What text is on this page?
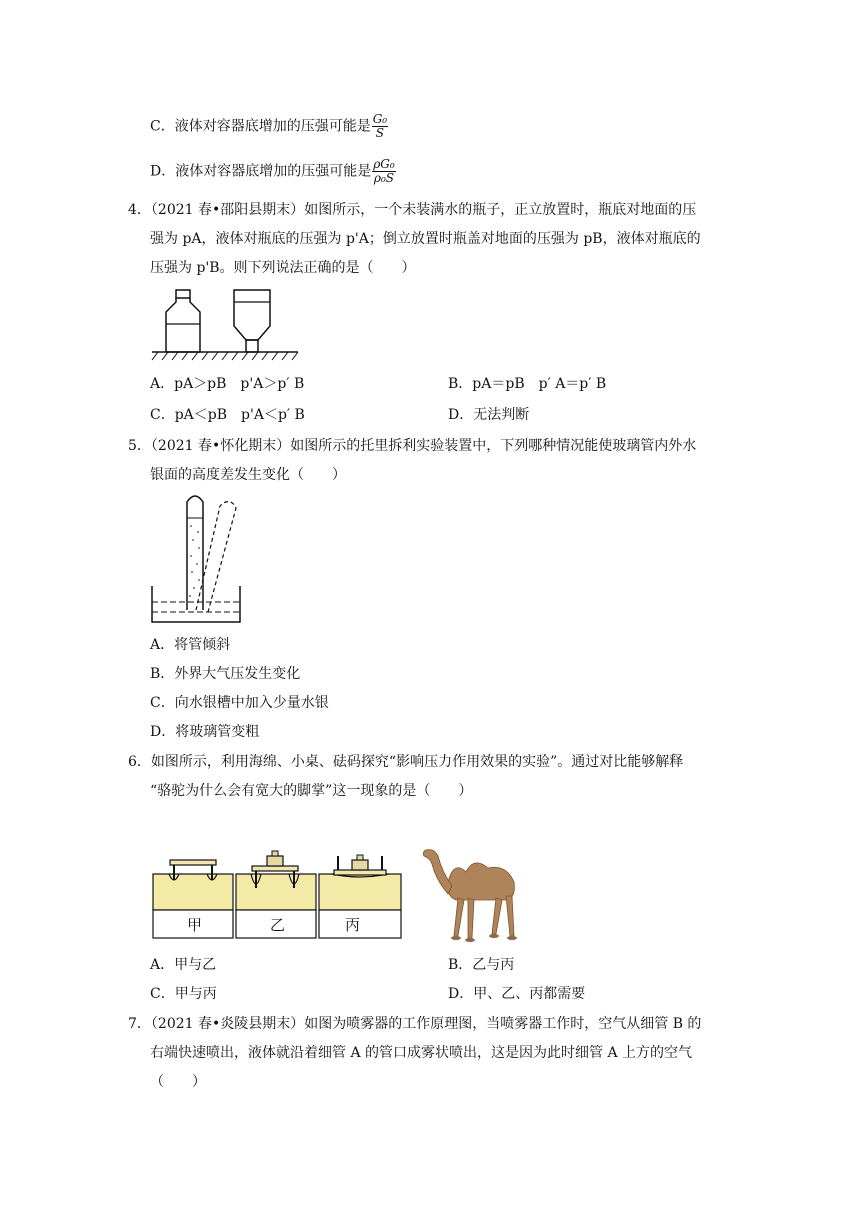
C．液体对容器底增加的压强可能是 $\frac{\text{G₀}}{S}$
D．液体对容器底增加的压强可能是 $\frac{\text{ρG₀}}{\text{ρ₀S}}$
4．（2021 春•邵阳县期末）如图所示，一个未装满水的瓶子，正立放置时，瓶底对地面的压
强为 pA，液体对瓶底的压强为 p'A；倒立放置时瓶盖对地面的压强为 pB，液体对瓶底的
压强为 p'B。则下列说法正确的是（　　）
A．pA＞pB　p'A＞p′ B	B．pA＝pB　p′ A＝p′ B
C．pA＜pB　p'A＜p′ B	D．无法判断
5．（2021 春•怀化期末）如图所示的托里拆利实验装置中，下列哪种情况能使玻璃管内外水
银面的高度差发生变化（　　）
A．将管倾斜
B．外界大气压发生变化
C．向水银槽中加入少量水银
D．将玻璃管变粗
6．如图所示，利用海绵、小桌、砝码探究“影响压力作用效果的实验”。通过对比能够解释
“骆驼为什么会有宽大的脚掌”这一现象的是（　　）
甲	乙	丙
A．甲与乙	B．乙与丙
C．甲与丙	D．甲、乙、丙都需要
7．（2021 春•炎陵县期末）如图为喷雾器的工作原理图，当喷雾器工作时，空气从细管 B 的
右端快速喷出，液体就沿着细管 A 的管口成雾状喷出，这是因为此时细管 A 上方的空气
（　　）
